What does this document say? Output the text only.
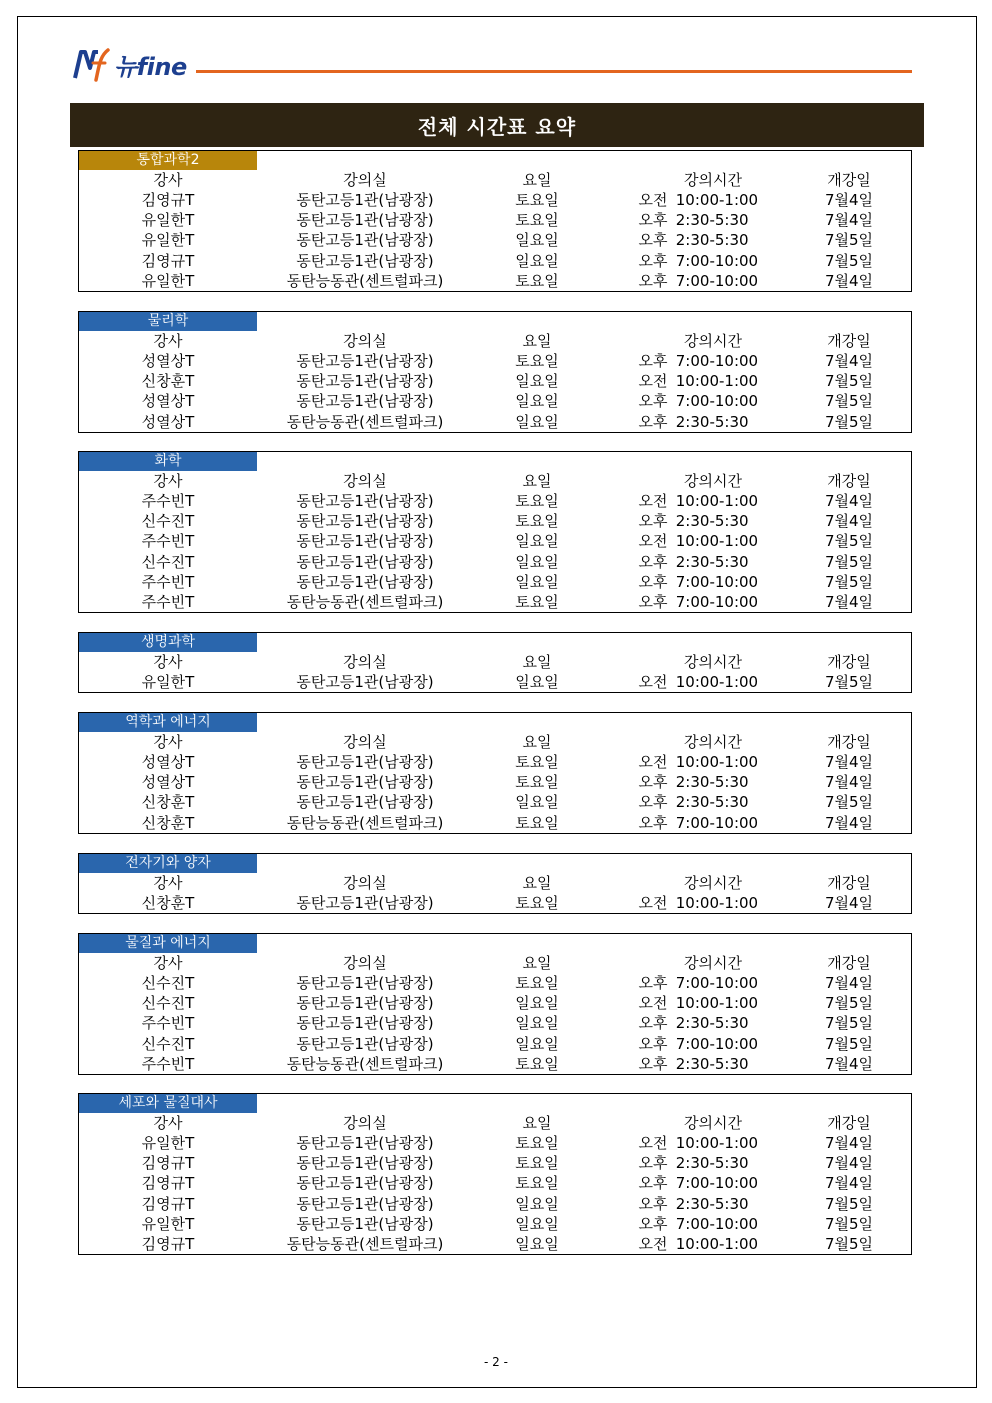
뉴fine
전체 시간표 요약
통합과학2
강사	강의실	요일	강의시간	개강일
김영규T	동탄고등1관(남광장)	토요일	오전 10:00-1:00	7월4일
유일한T	동탄고등1관(남광장)	토요일	오후 2:30-5:30	7월4일
유일한T	동탄고등1관(남광장)	일요일	오후 2:30-5:30	7월5일
김영규T	동탄고등1관(남광장)	일요일	오후 7:00-10:00	7월5일
유일한T	동탄능동관(센트럴파크)	토요일	오후 7:00-10:00	7월4일
물리학
강사	강의실	요일	강의시간	개강일
성열상T	동탄고등1관(남광장)	토요일	오후 7:00-10:00	7월4일
신창훈T	동탄고등1관(남광장)	일요일	오전 10:00-1:00	7월5일
성열상T	동탄고등1관(남광장)	일요일	오후 7:00-10:00	7월5일
성열상T	동탄능동관(센트럴파크)	일요일	오후 2:30-5:30	7월5일
화학
강사	강의실	요일	강의시간	개강일
주수빈T	동탄고등1관(남광장)	토요일	오전 10:00-1:00	7월4일
신수진T	동탄고등1관(남광장)	토요일	오후 2:30-5:30	7월4일
주수빈T	동탄고등1관(남광장)	일요일	오전 10:00-1:00	7월5일
신수진T	동탄고등1관(남광장)	일요일	오후 2:30-5:30	7월5일
주수빈T	동탄고등1관(남광장)	일요일	오후 7:00-10:00	7월5일
주수빈T	동탄능동관(센트럴파크)	토요일	오후 7:00-10:00	7월4일
생명과학
강사	강의실	요일	강의시간	개강일
유일한T	동탄고등1관(남광장)	일요일	오전 10:00-1:00	7월5일
역학과 에너지
강사	강의실	요일	강의시간	개강일
성열상T	동탄고등1관(남광장)	토요일	오전 10:00-1:00	7월4일
성열상T	동탄고등1관(남광장)	토요일	오후 2:30-5:30	7월4일
신창훈T	동탄고등1관(남광장)	일요일	오후 2:30-5:30	7월5일
신창훈T	동탄능동관(센트럴파크)	토요일	오후 7:00-10:00	7월4일
전자기와 양자
강사	강의실	요일	강의시간	개강일
신창훈T	동탄고등1관(남광장)	토요일	오전 10:00-1:00	7월4일
물질과 에너지
강사	강의실	요일	강의시간	개강일
신수진T	동탄고등1관(남광장)	토요일	오후 7:00-10:00	7월4일
신수진T	동탄고등1관(남광장)	일요일	오전 10:00-1:00	7월5일
주수빈T	동탄고등1관(남광장)	일요일	오후 2:30-5:30	7월5일
신수진T	동탄고등1관(남광장)	일요일	오후 7:00-10:00	7월5일
주수빈T	동탄능동관(센트럴파크)	토요일	오후 2:30-5:30	7월4일
세포와 물질대사
강사	강의실	요일	강의시간	개강일
유일한T	동탄고등1관(남광장)	토요일	오전 10:00-1:00	7월4일
김영규T	동탄고등1관(남광장)	토요일	오후 2:30-5:30	7월4일
김영규T	동탄고등1관(남광장)	토요일	오후 7:00-10:00	7월4일
김영규T	동탄고등1관(남광장)	일요일	오후 2:30-5:30	7월5일
유일한T	동탄고등1관(남광장)	일요일	오후 7:00-10:00	7월5일
김영규T	동탄능동관(센트럴파크)	일요일	오전 10:00-1:00	7월5일
- 2 -
